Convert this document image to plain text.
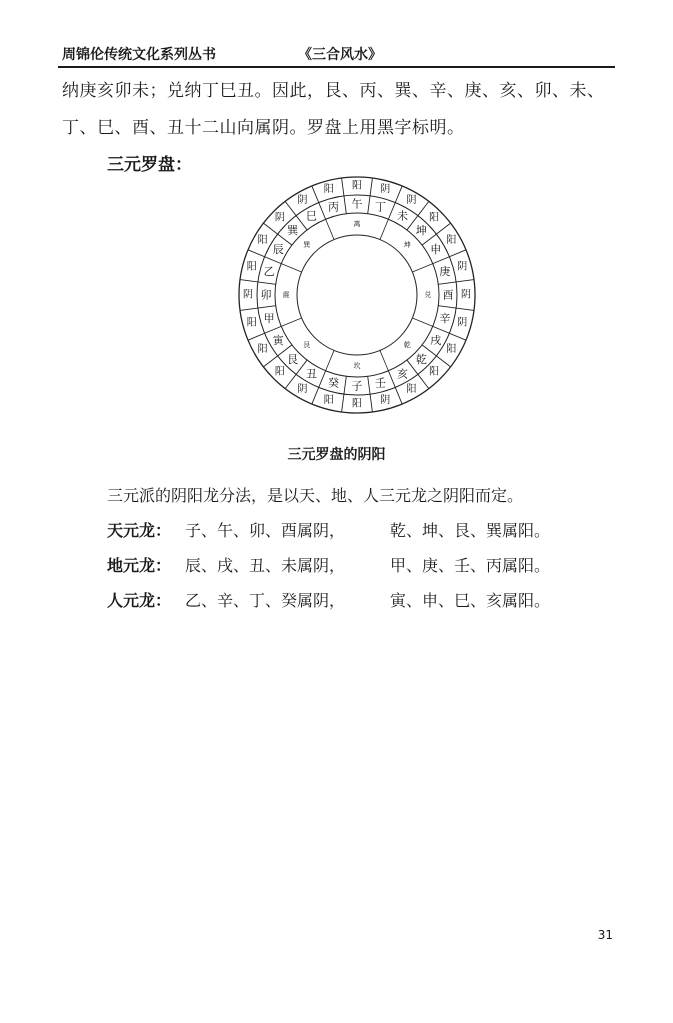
周锦伦传统文化系列丛书	《三合风水》
纳庚亥卯未；兑纳丁巳丑。因此，艮、丙、巽、辛、庚、亥、卯、未、
丁、巳、酉、丑十二山向属阴。罗盘上用黑字标明。
三元罗盘：
午 丁
未
坤
申
庚
酉
辛
戌
乾
亥
壬
子
癸
丑
艮
寅
甲
卯
乙
辰
巽
巳
丙
阳 阴
阴
阳
阳
阴
阴
阴
阳
阳
阳
阴
阳
阳
阴
阳
阳
阳
阴
阳
阳
阴
阴
阳
离
坤
兑
乾
坎
艮
震
巽
三元罗盘的阴阳
三元派的阴阳龙分法，是以天、地、人三元龙之阴阳而定。
天元龙： 子、午、卯、酉属阴，	乾、坤、艮、巽属阳。
地元龙： 辰、戌、丑、未属阴，	甲、庚、壬、丙属阳。
人元龙： 乙、辛、丁、癸属阴，	寅、申、巳、亥属阳。
31
